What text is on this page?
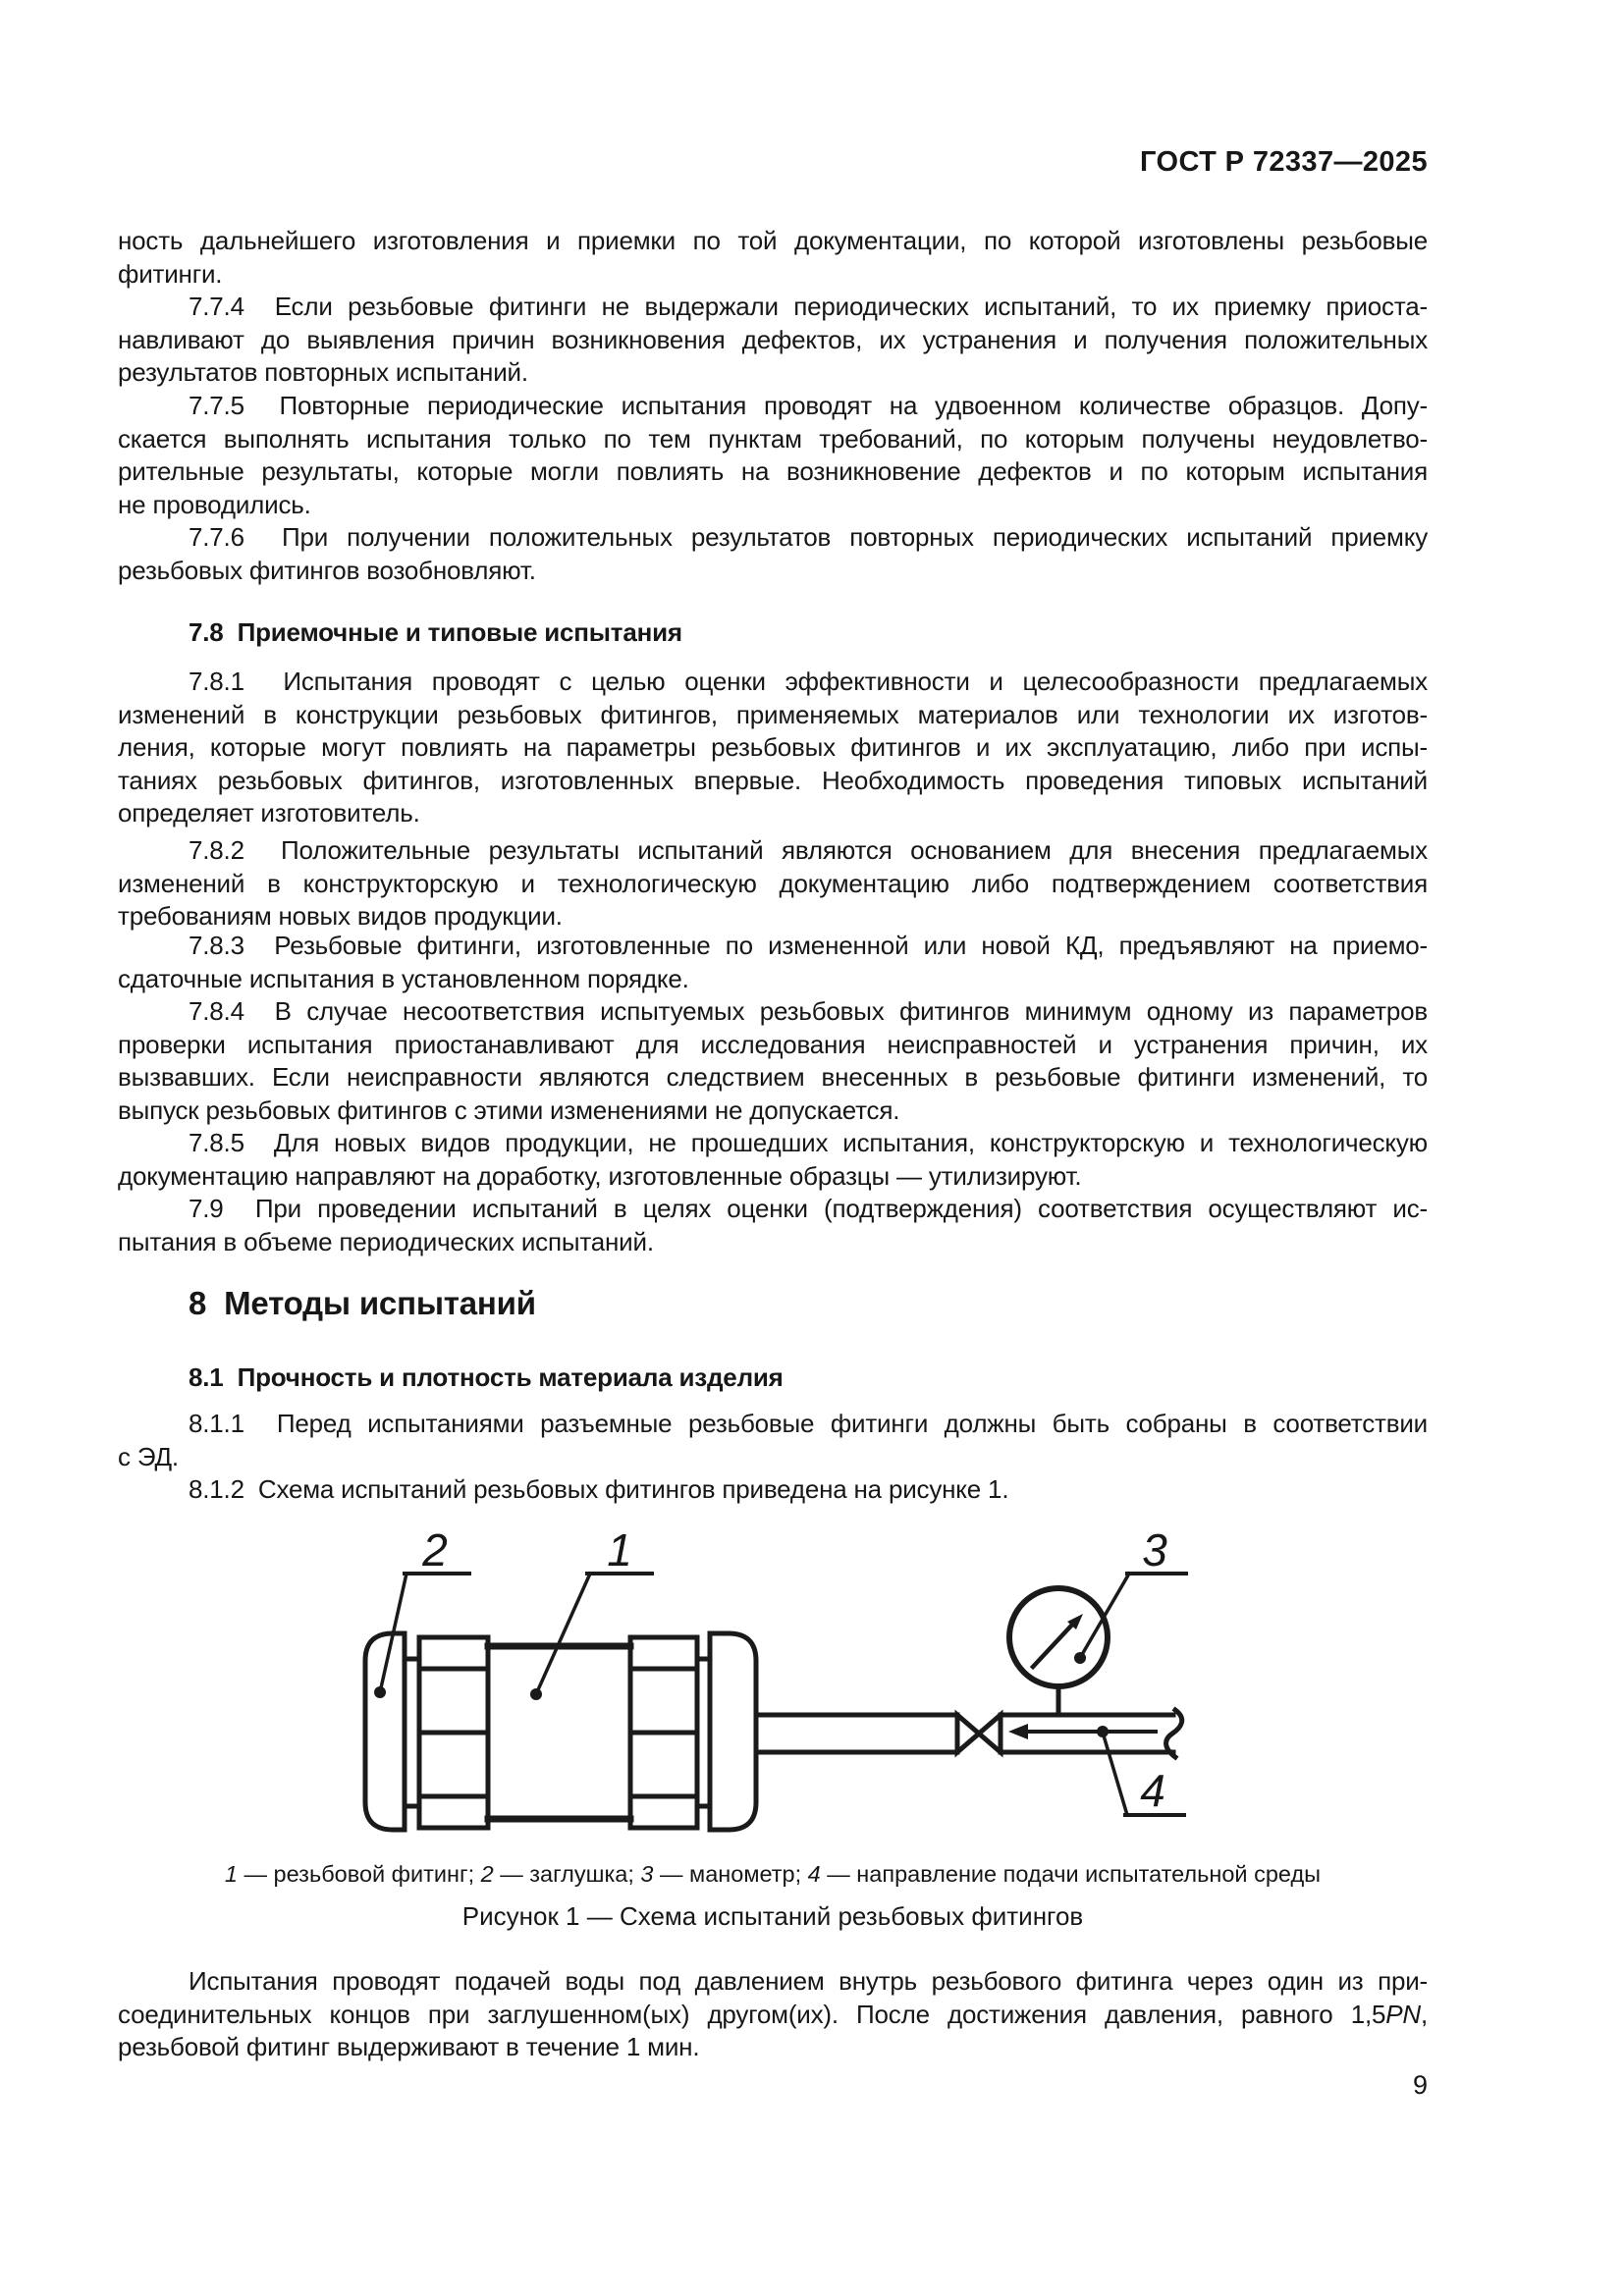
ГОСТ Р 72337—2025
ность дальнейшего изготовления и приемки по той документации, по которой изготовлены резьбовые
фитинги.
7.7.4  Если резьбовые фитинги не выдержали периодических испытаний, то их приемку приоста-
навливают до выявления причин возникновения дефектов, их устранения и получения положительных
результатов повторных испытаний.
7.7.5  Повторные периодические испытания проводят на удвоенном количестве образцов. Допу-
скается выполнять испытания только по тем пунктам требований, по которым получены неудовлетво-
рительные результаты, которые могли повлиять на возникновение дефектов и по которым испытания
не проводились.
7.7.6  При получении положительных результатов повторных периодических испытаний приемку
резьбовых фитингов возобновляют.
7.8  Приемочные и типовые испытания
7.8.1  Испытания проводят с целью оценки эффективности и целесообразности предлагаемых
изменений в конструкции резьбовых фитингов, применяемых материалов или технологии их изготов-
ления, которые могут повлиять на параметры резьбовых фитингов и их эксплуатацию, либо при испы-
таниях резьбовых фитингов, изготовленных впервые. Необходимость проведения типовых испытаний
определяет изготовитель.
7.8.2  Положительные результаты испытаний являются основанием для внесения предлагаемых
изменений в конструкторскую и технологическую документацию либо подтверждением соответствия
требованиям новых видов продукции.
7.8.3  Резьбовые фитинги, изготовленные по измененной или новой КД, предъявляют на приемо-
сдаточные испытания в установленном порядке.
7.8.4  В случае несоответствия испытуемых резьбовых фитингов минимум одному из параметров
проверки испытания приостанавливают для исследования неисправностей и устранения причин, их
вызвавших. Если неисправности являются следствием внесенных в резьбовые фитинги изменений, то
выпуск резьбовых фитингов с этими изменениями не допускается.
7.8.5  Для новых видов продукции, не прошедших испытания, конструкторскую и технологическую
документацию направляют на доработку, изготовленные образцы — утилизируют.
7.9  При проведении испытаний в целях оценки (подтверждения) соответствия осуществляют ис-
пытания в объеме периодических испытаний.
8  Методы испытаний
8.1  Прочность и плотность материала изделия
8.1.1  Перед испытаниями разъемные резьбовые фитинги должны быть собраны в соответствии
с ЭД.
8.1.2  Схема испытаний резьбовых фитингов приведена на рисунке 1.
2	1	3
4
1 — резьбовой фитинг; 2 — заглушка; 3 — манометр; 4 — направление подачи испытательной среды
Рисунок 1 — Схема испытаний резьбовых фитингов
Испытания проводят подачей воды под давлением внутрь резьбового фитинга через один из при-
соединительных концов при заглушенном(ых) другом(их). После достижения давления, равного 1,5PN,
резьбовой фитинг выдерживают в течение 1 мин.
9
